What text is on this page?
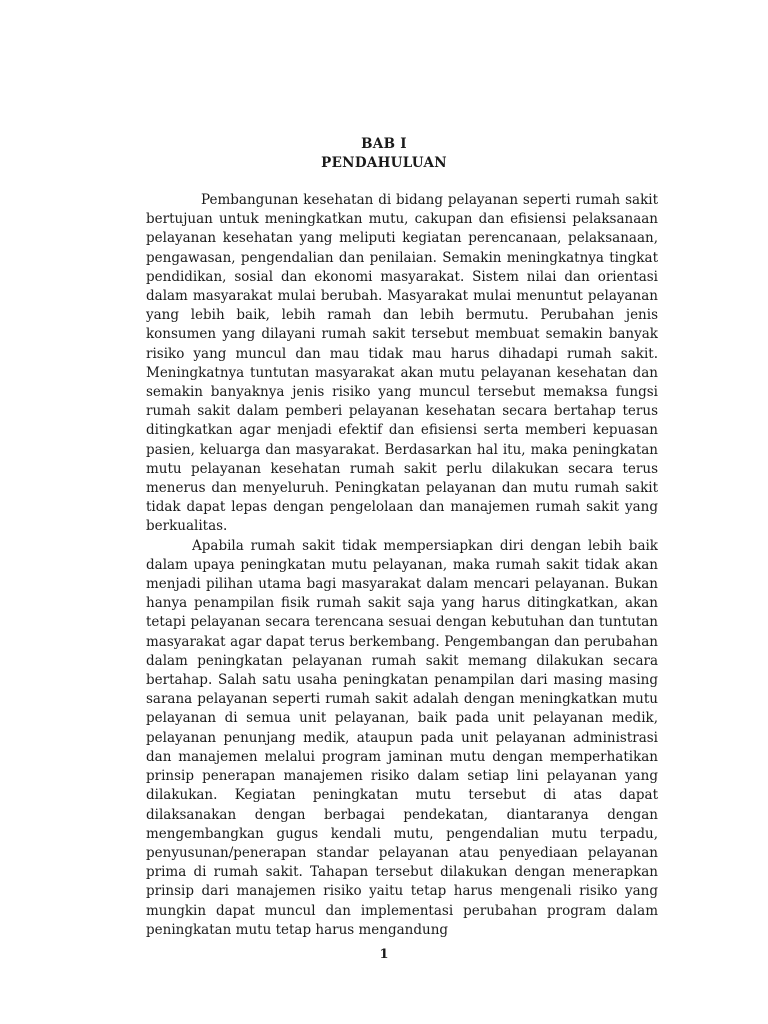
BAB I
PENDAHULUAN

Pembangunan kesehatan di bidang pelayanan seperti rumah sakit bertujuan untuk meningkatkan mutu, cakupan dan efisiensi pelaksanaan pelayanan kesehatan yang meliputi kegiatan perencanaan, pelaksanaan, pengawasan, pengendalian dan penilaian. Semakin meningkatnya tingkat pendidikan, sosial dan ekonomi masyarakat. Sistem nilai dan orientasi dalam masyarakat mulai berubah. Masyarakat mulai menuntut pelayanan yang lebih baik, lebih ramah dan lebih bermutu. Perubahan jenis konsumen yang dilayani rumah sakit tersebut membuat semakin banyak risiko yang muncul dan mau tidak mau harus dihadapi rumah sakit. Meningkatnya tuntutan masyarakat akan mutu pelayanan kesehatan dan semakin banyaknya jenis risiko yang muncul tersebut memaksa fungsi rumah sakit dalam pemberi pelayanan kesehatan secara bertahap terus ditingkatkan agar menjadi efektif dan efisiensi serta memberi kepuasan pasien, keluarga dan masyarakat. Berdasarkan hal itu, maka peningkatan mutu pelayanan kesehatan rumah sakit perlu dilakukan secara terus menerus dan menyeluruh. Peningkatan pelayanan dan mutu rumah sakit tidak dapat lepas dengan pengelolaan dan manajemen rumah sakit yang berkualitas.

Apabila rumah sakit tidak mempersiapkan diri dengan lebih baik dalam upaya peningkatan mutu pelayanan, maka rumah sakit tidak akan menjadi pilihan utama bagi masyarakat dalam mencari pelayanan. Bukan hanya penampilan fisik rumah sakit saja yang harus ditingkatkan, akan tetapi pelayanan secara terencana sesuai dengan kebutuhan dan tuntutan masyarakat agar dapat terus berkembang. Pengembangan dan perubahan dalam peningkatan pelayanan rumah sakit memang dilakukan secara bertahap. Salah satu usaha peningkatan penampilan dari masing masing sarana pelayanan seperti rumah sakit adalah dengan meningkatkan mutu pelayanan di semua unit pelayanan, baik pada unit pelayanan medik, pelayanan penunjang medik, ataupun pada unit pelayanan administrasi dan manajemen melalui program jaminan mutu dengan memperhatikan prinsip penerapan manajemen risiko dalam setiap lini pelayanan yang dilakukan. Kegiatan peningkatan mutu tersebut di atas dapat dilaksanakan dengan berbagai pendekatan, diantaranya dengan mengembangkan gugus kendali mutu, pengendalian mutu terpadu, penyusunan/penerapan standar pelayanan atau penyediaan pelayanan prima di rumah sakit. Tahapan tersebut dilakukan dengan menerapkan prinsip dari manajemen risiko yaitu tetap harus mengenali risiko yang mungkin dapat muncul dan implementasi perubahan program dalam peningkatan mutu tetap harus mengandung

1
